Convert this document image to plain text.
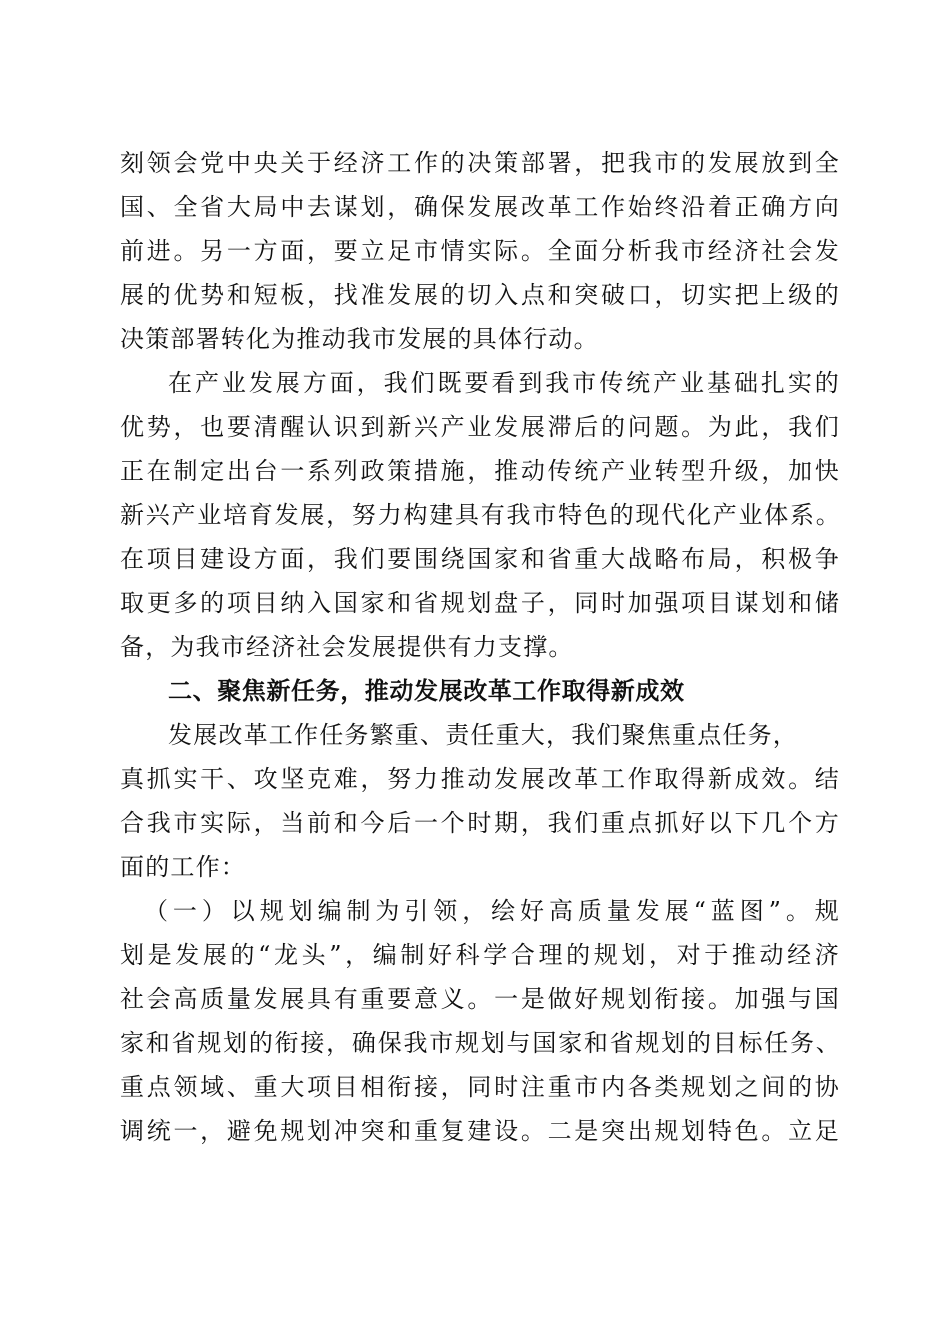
刻领会党中央关于经济工作的决策部署，把我市的发展放到全
国、全省大局中去谋划，确保发展改革工作始终沿着正确方向
前进。另一方面，要立足市情实际。全面分析我市经济社会发
展的优势和短板，找准发展的切入点和突破口，切实把上级的
决策部署转化为推动我市发展的具体行动。
在产业发展方面，我们既要看到我市传统产业基础扎实的
优势，也要清醒认识到新兴产业发展滞后的问题。为此，我们
正在制定出台一系列政策措施，推动传统产业转型升级，加快
新兴产业培育发展，努力构建具有我市特色的现代化产业体系。
在项目建设方面，我们要围绕国家和省重大战略布局，积极争
取更多的项目纳入国家和省规划盘子，同时加强项目谋划和储
备，为我市经济社会发展提供有力支撑。
二、聚焦新任务，推动发展改革工作取得新成效
发展改革工作任务繁重、责任重大，我们聚焦重点任务，
真抓实干、攻坚克难，努力推动发展改革工作取得新成效。结
合我市实际，当前和今后一个时期，我们重点抓好以下几个方
面的工作：
（一）以规划编制为引领，绘好高质量发展“蓝图”。规
划是发展的“龙头”，编制好科学合理的规划，对于推动经济
社会高质量发展具有重要意义。一是做好规划衔接。加强与国
家和省规划的衔接，确保我市规划与国家和省规划的目标任务、
重点领域、重大项目相衔接，同时注重市内各类规划之间的协
调统一，避免规划冲突和重复建设。二是突出规划特色。立足
